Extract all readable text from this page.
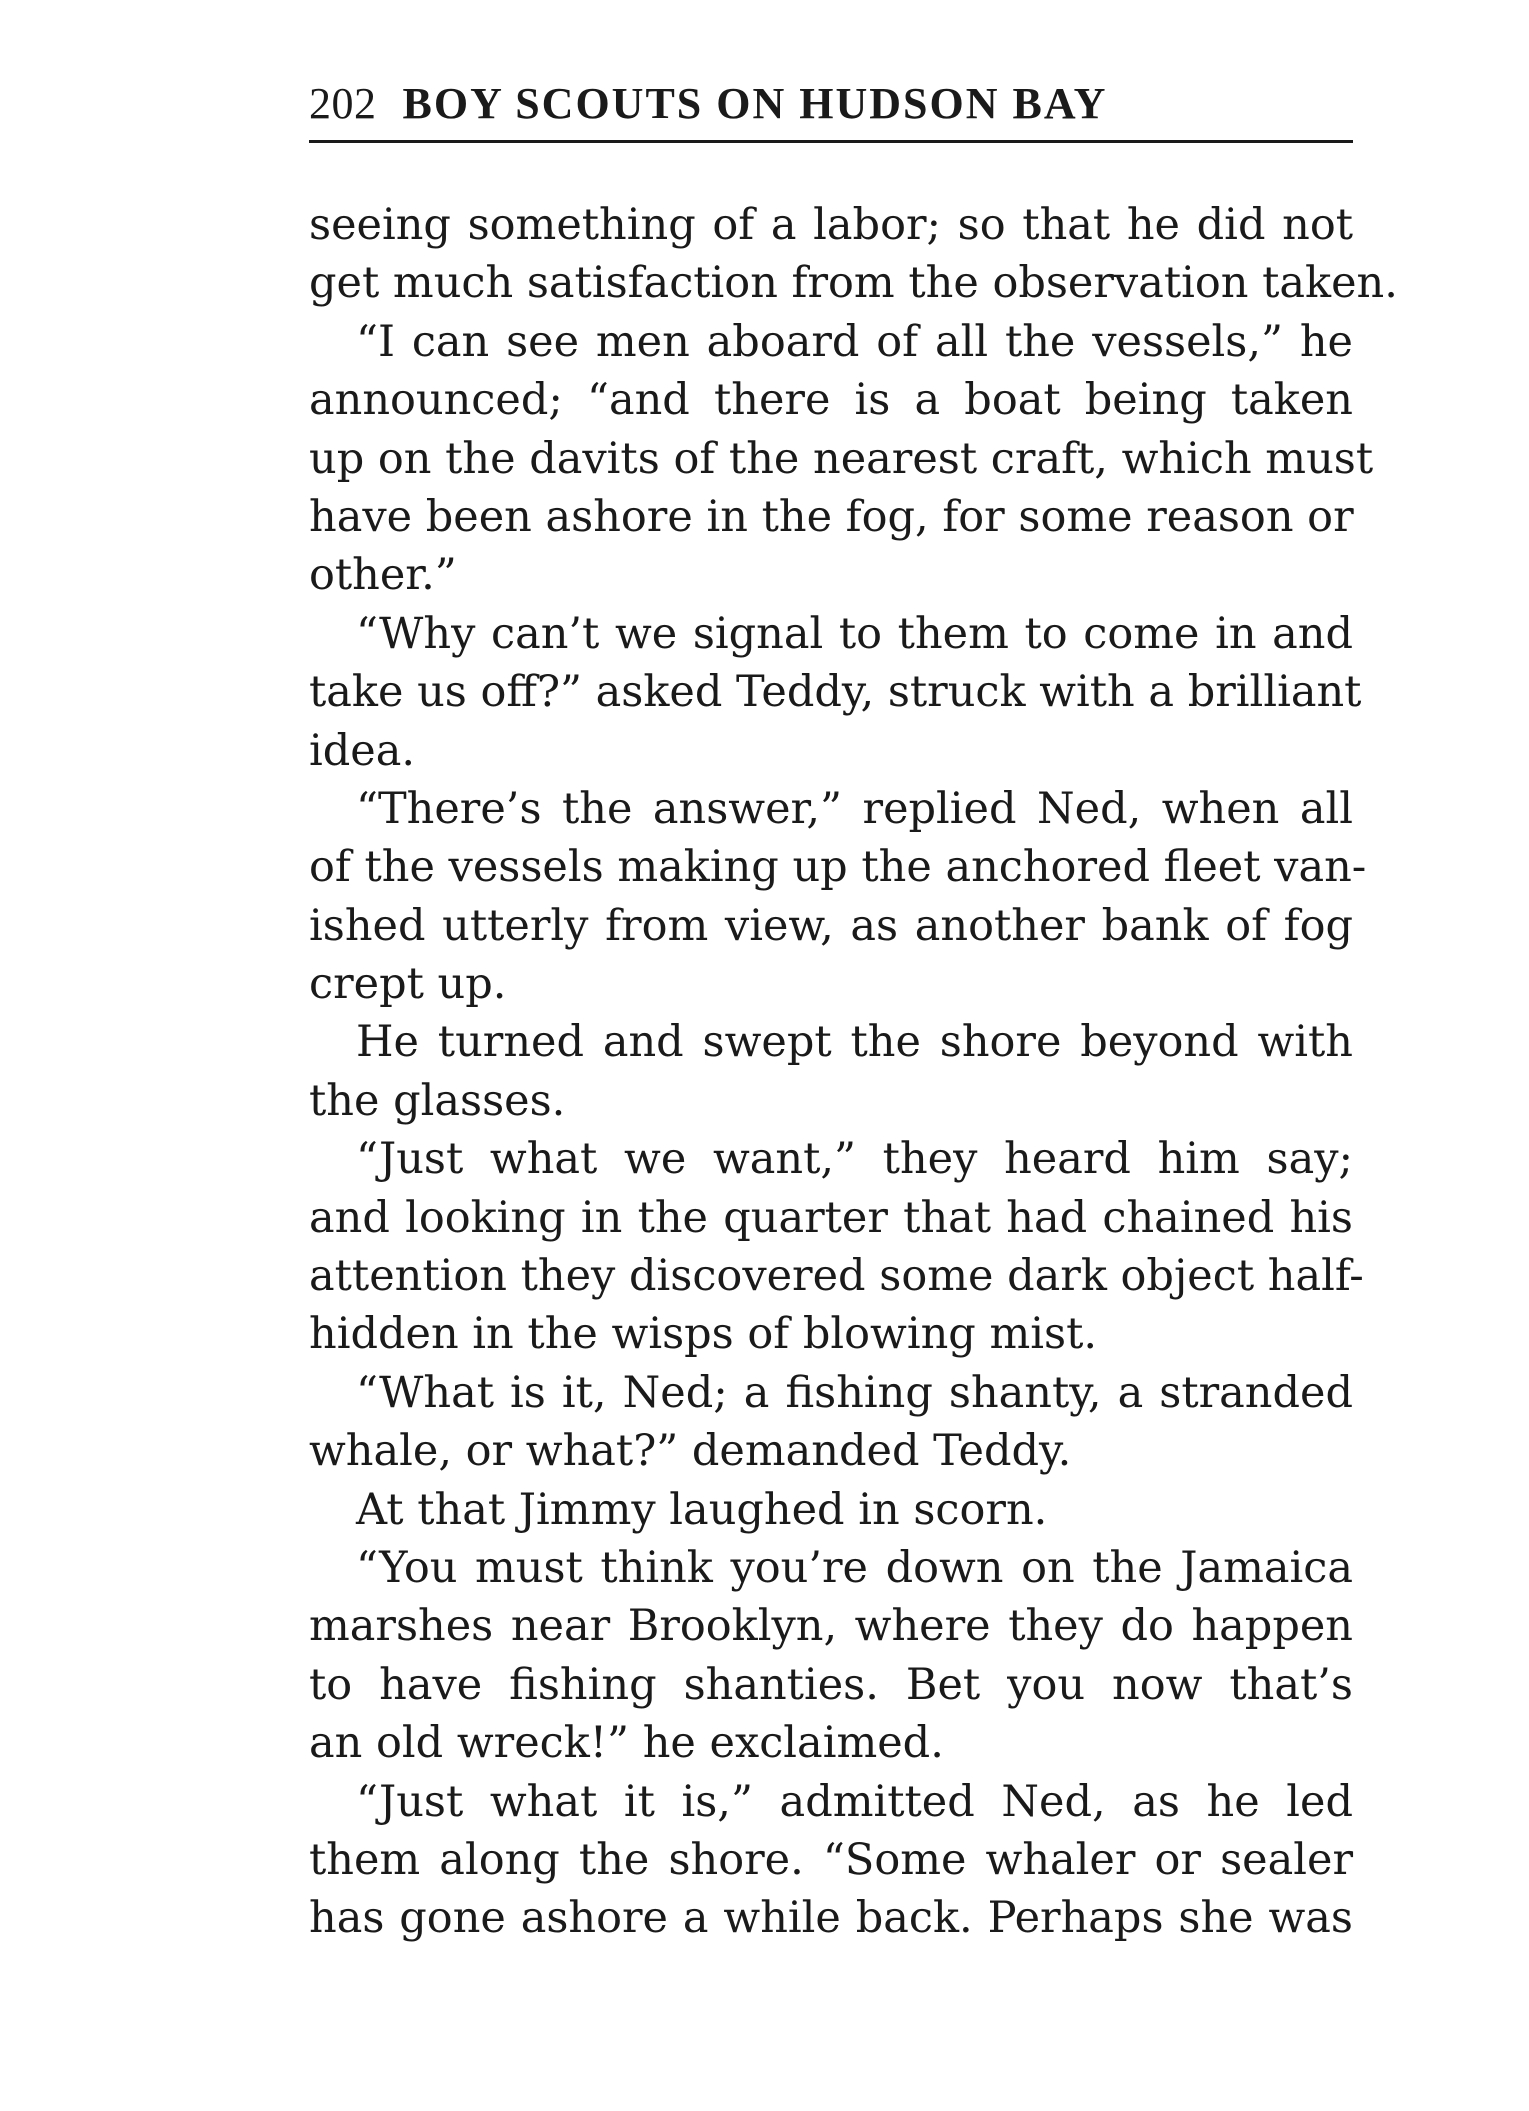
202 BOY SCOUTS ON HUDSON BAY
seeing something of a labor; so that he did not
get much satisfaction from the observation taken.
“I can see men aboard of all the vessels,” he
announced; “and there is a boat being taken
up on the davits of the nearest craft, which must
have been ashore in the fog, for some reason or
other.”
“Why can’t we signal to them to come in and
take us off?” asked Teddy, struck with a brilliant
idea.
“There’s the answer,” replied Ned, when all
of the vessels making up the anchored fleet van-
ished utterly from view, as another bank of fog
crept up.
He turned and swept the shore beyond with
the glasses.
“Just what we want,” they heard him say;
and looking in the quarter that had chained his
attention they discovered some dark object half-
hidden in the wisps of blowing mist.
“What is it, Ned; a fishing shanty, a stranded
whale, or what?” demanded Teddy.
At that Jimmy laughed in scorn.
“You must think you’re down on the Jamaica
marshes near Brooklyn, where they do happen
to have fishing shanties. Bet you now that’s
an old wreck!” he exclaimed.
“Just what it is,” admitted Ned, as he led
them along the shore. “Some whaler or sealer
has gone ashore a while back. Perhaps she was
